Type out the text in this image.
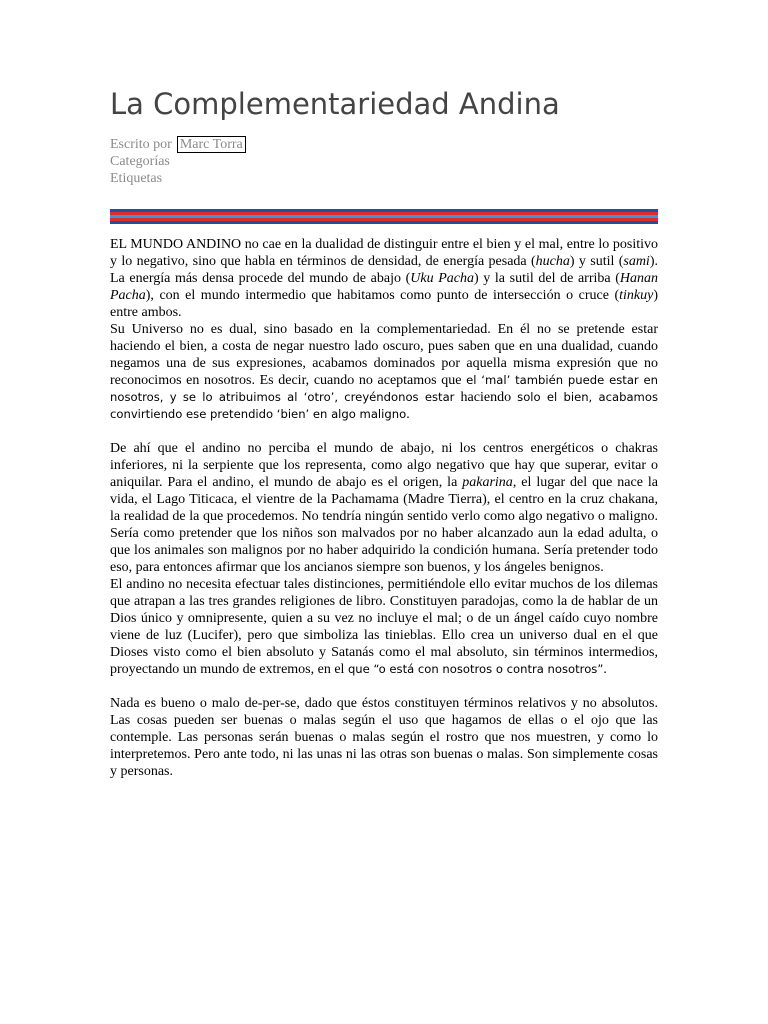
La Complementariedad Andina
Escrito por Marc Torra
Categorías
Etiquetas

EL MUNDO ANDINO no cae en la dualidad de distinguir entre el bien y el mal, entre lo positivo y lo negativo, sino que habla en términos de densidad, de energía pesada (hucha) y sutil (sami). La energía más densa procede del mundo de abajo (Uku Pacha) y la sutil del de arriba (Hanan Pacha), con el mundo intermedio que habitamos como punto de intersección o cruce (tinkuy) entre ambos.

Su Universo no es dual, sino basado en la complementariedad. En él no se pretende estar haciendo el bien, a costa de negar nuestro lado oscuro, pues saben que en una dualidad, cuando negamos una de sus expresiones, acabamos dominados por aquella misma expresión que no reconocimos en nosotros. Es decir, cuando no aceptamos que el ‘mal’ también puede estar en nosotros, y se lo atribuimos al ‘otro’, creyéndonos estar haciendo solo el bien, acabamos convirtiendo ese pretendido ‘bien’ en algo maligno.

De ahí que el andino no perciba el mundo de abajo, ni los centros energéticos o chakras inferiores, ni la serpiente que los representa, como algo negativo que hay que superar, evitar o aniquilar. Para el andino, el mundo de abajo es el origen, la pakarina, el lugar del que nace la vida, el Lago Titicaca, el vientre de la Pachamama (Madre Tierra), el centro en la cruz chakana, la realidad de la que procedemos. No tendría ningún sentido verlo como algo negativo o maligno. Sería como pretender que los niños son malvados por no haber alcanzado aun la edad adulta, o que los animales son malignos por no haber adquirido la condición humana. Sería pretender todo eso, para entonces afirmar que los ancianos siempre son buenos, y los ángeles benignos.

El andino no necesita efectuar tales distinciones, permitiéndole ello evitar muchos de los dilemas que atrapan a las tres grandes religiones de libro. Constituyen paradojas, como la de hablar de un Dios único y omnipresente, quien a su vez no incluye el mal; o de un ángel caído cuyo nombre viene de luz (Lucifer), pero que simboliza las tinieblas. Ello crea un universo dual en el que Dioses visto como el bien absoluto y Satanás como el mal absoluto, sin términos intermedios, proyectando un mundo de extremos, en el que “o está con nosotros o contra nosotros”.

Nada es bueno o malo de-per-se, dado que éstos constituyen términos relativos y no absolutos. Las cosas pueden ser buenas o malas según el uso que hagamos de ellas o el ojo que las contemple. Las personas serán buenas o malas según el rostro que nos muestren, y como lo interpretemos. Pero ante todo, ni las unas ni las otras son buenas o malas. Son simplemente cosas y personas.
